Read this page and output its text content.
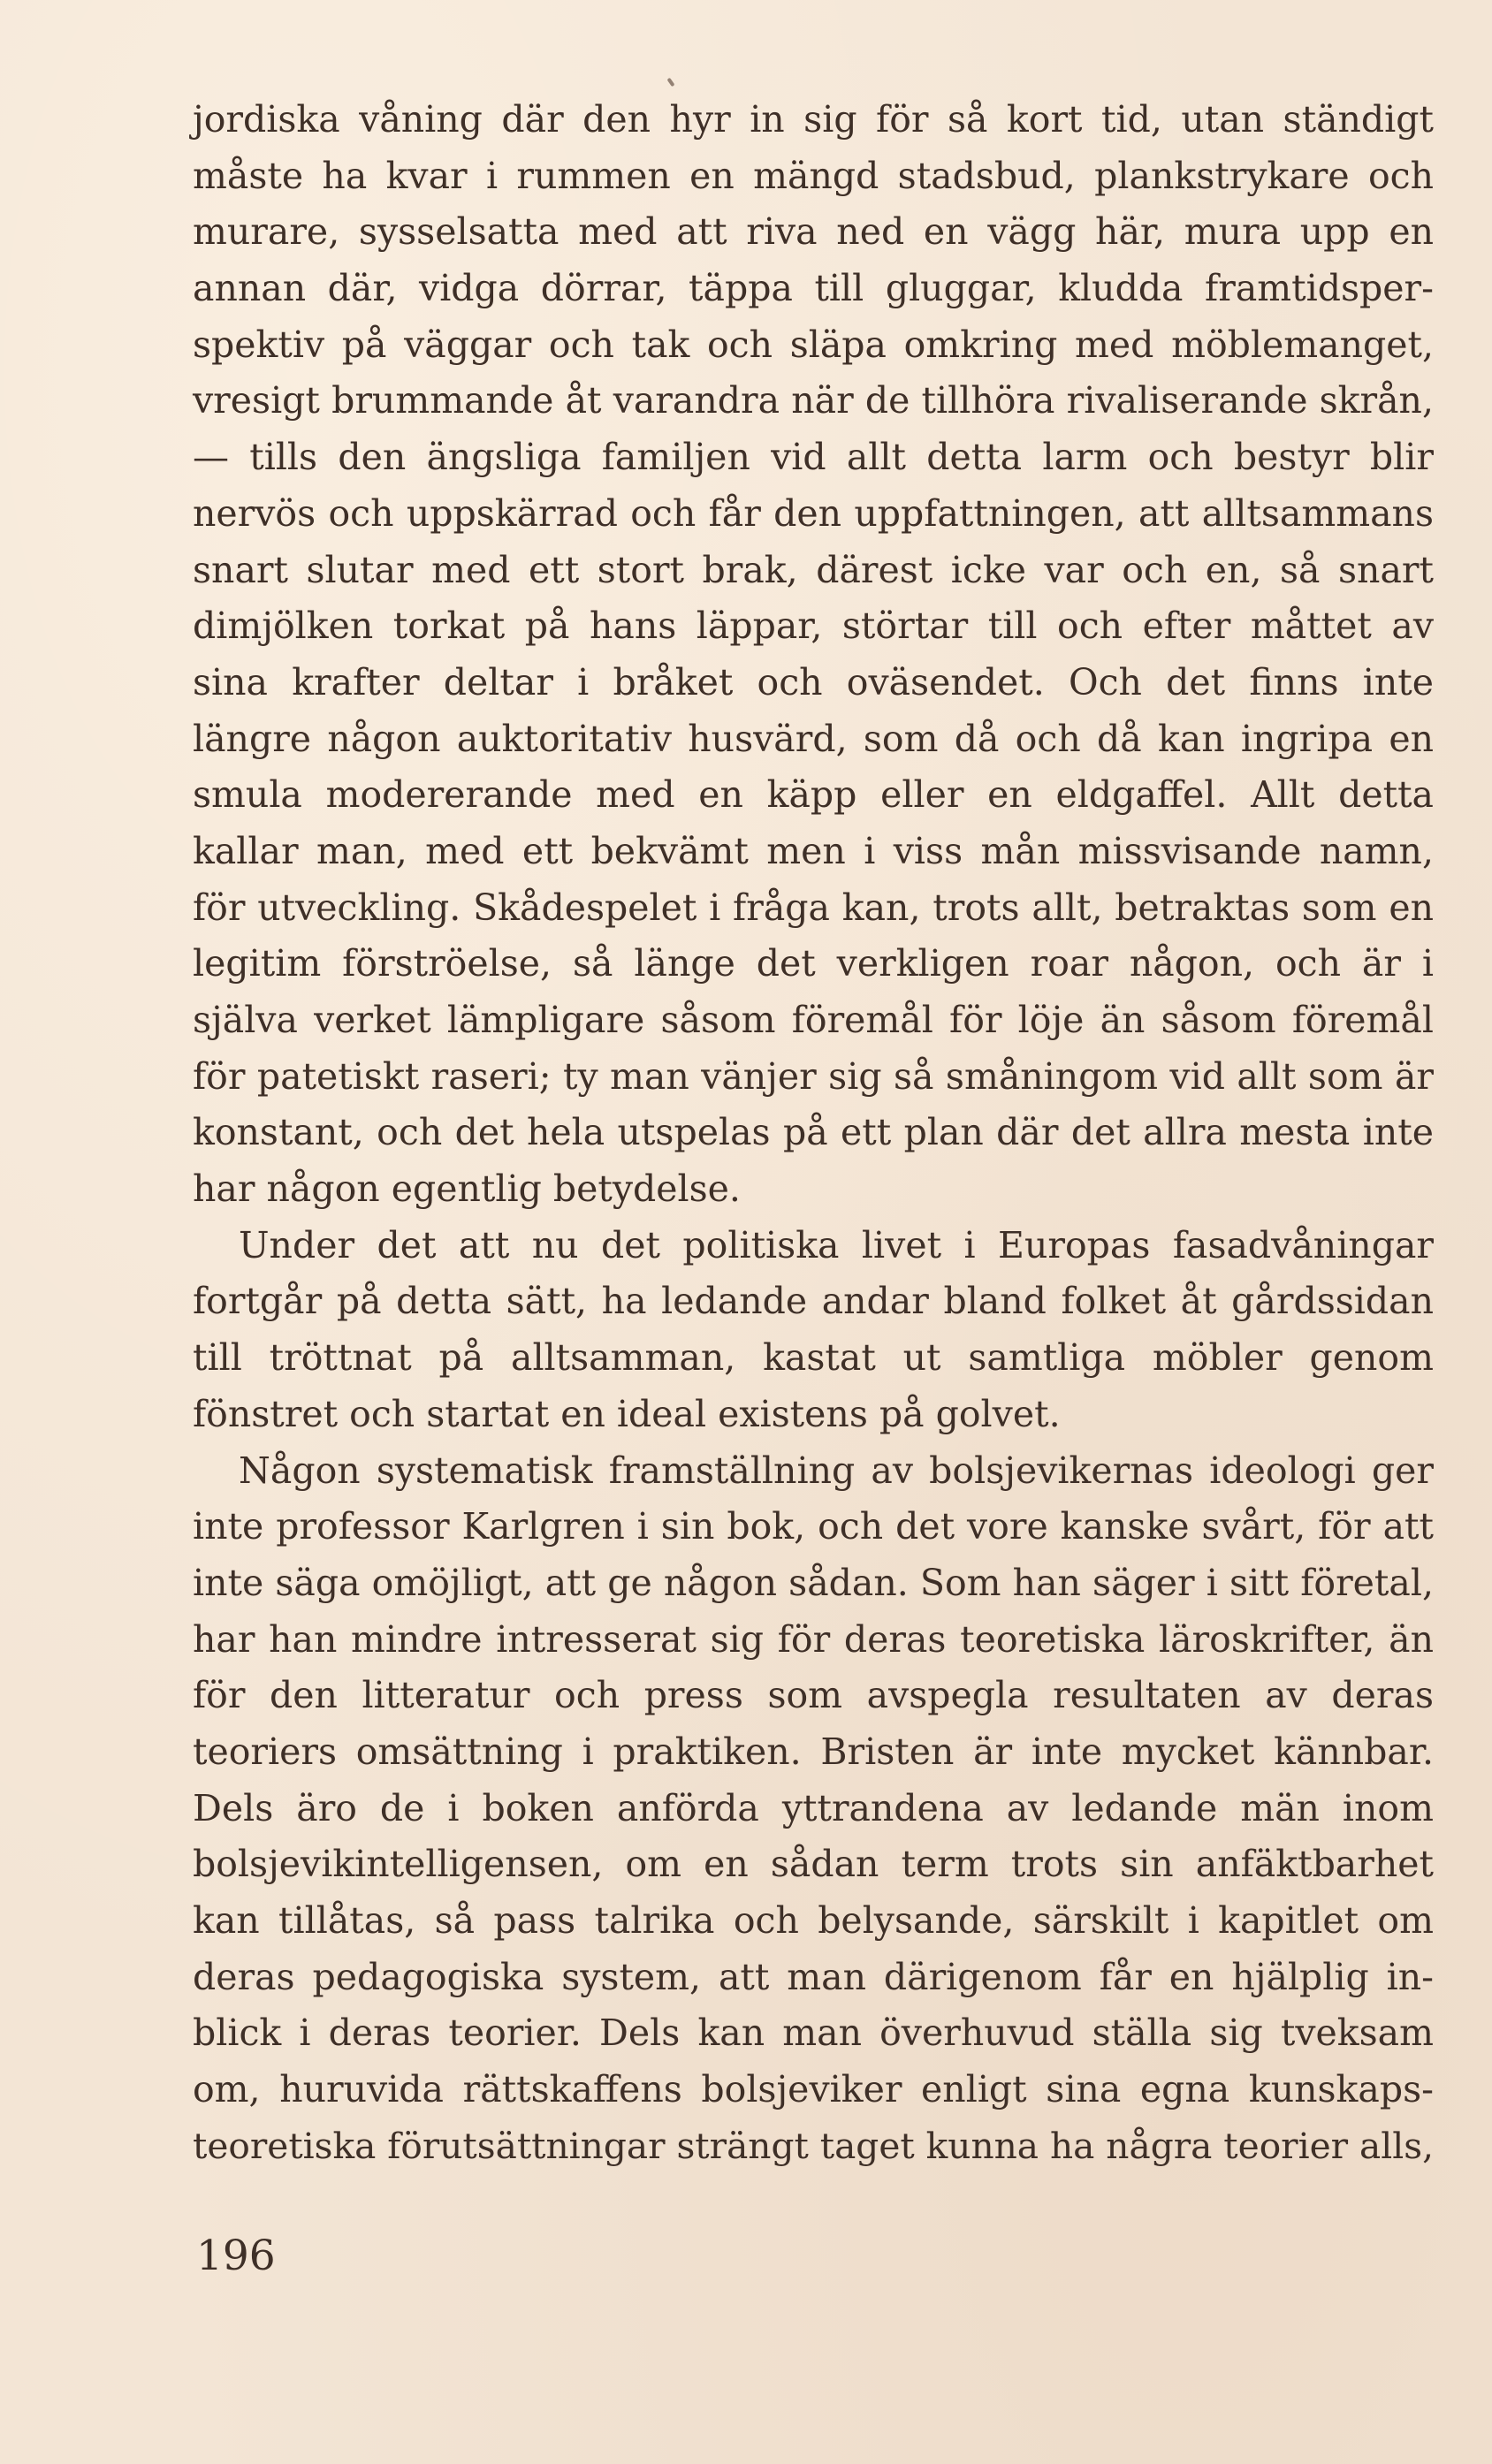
jordiska våning där den hyr in sig för så kort tid, utan ständigt
måste ha kvar i rummen en mängd stadsbud, plankstrykare och
murare, sysselsatta med att riva ned en vägg här, mura upp en
annan där, vidga dörrar, täppa till gluggar, kludda framtidsper-
spektiv på väggar och tak och släpa omkring med möblemanget,
vresigt brummande åt varandra när de tillhöra rivaliserande skrån,
— tills den ängsliga familjen vid allt detta larm och bestyr blir
nervös och uppskärrad och får den uppfattningen, att alltsammans
snart slutar med ett stort brak, därest icke var och en, så snart
dimjölken torkat på hans läppar, störtar till och efter måttet av
sina krafter deltar i bråket och oväsendet. Och det finns inte
längre någon auktoritativ husvärd, som då och då kan ingripa en
smula modererande med en käpp eller en eldgaffel. Allt detta
kallar man, med ett bekvämt men i viss mån missvisande namn,
för utveckling. Skådespelet i fråga kan, trots allt, betraktas som en
legitim förströelse, så länge det verkligen roar någon, och är i
själva verket lämpligare såsom föremål för löje än såsom föremål
för patetiskt raseri; ty man vänjer sig så småningom vid allt som är
konstant, och det hela utspelas på ett plan där det allra mesta inte
har någon egentlig betydelse.
Under det att nu det politiska livet i Europas fasadvåningar
fortgår på detta sätt, ha ledande andar bland folket åt gårdssidan
till tröttnat på alltsamman, kastat ut samtliga möbler genom
fönstret och startat en ideal existens på golvet.
Någon systematisk framställning av bolsjevikernas ideologi ger
inte professor Karlgren i sin bok, och det vore kanske svårt, för att
inte säga omöjligt, att ge någon sådan. Som han säger i sitt företal,
har han mindre intresserat sig för deras teoretiska läroskrifter, än
för den litteratur och press som avspegla resultaten av deras
teoriers omsättning i praktiken. Bristen är inte mycket kännbar.
Dels äro de i boken anförda yttrandena av ledande män inom
bolsjevikintelligensen, om en sådan term trots sin anfäktbarhet
kan tillåtas, så pass talrika och belysande, särskilt i kapitlet om
deras pedagogiska system, att man därigenom får en hjälplig in-
blick i deras teorier. Dels kan man överhuvud ställa sig tveksam
om, huruvida rättskaffens bolsjeviker enligt sina egna kunskaps-
teoretiska förutsättningar strängt taget kunna ha några teorier alls,
196
